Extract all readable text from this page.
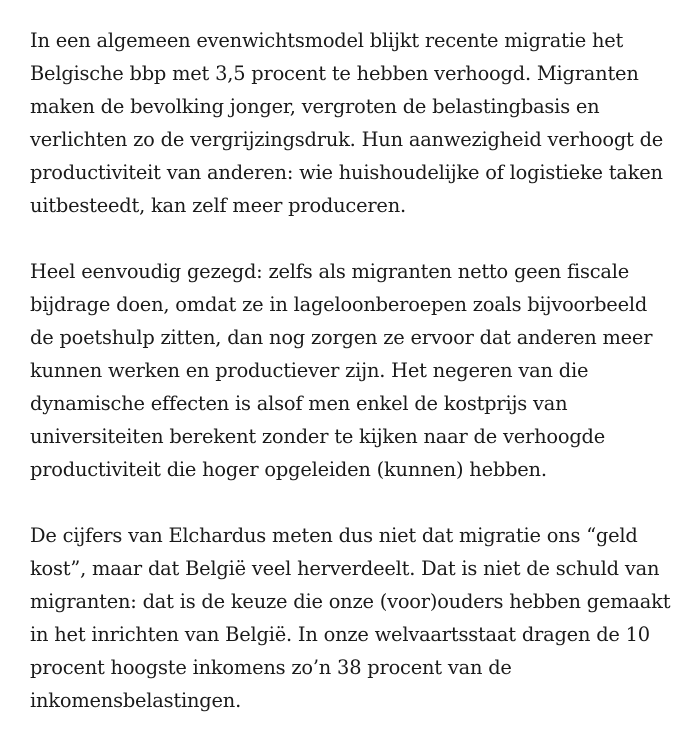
In een algemeen evenwichtsmodel blijkt recente migratie het
Belgische bbp met 3,5 procent te hebben verhoogd. Migranten
maken de bevolking jonger, vergroten de belastingbasis en
verlichten zo de vergrijzingsdruk. Hun aanwezigheid verhoogt de
productiviteit van anderen: wie huishoudelijke of logistieke taken
uitbesteedt, kan zelf meer produceren.

Heel eenvoudig gezegd: zelfs als migranten netto geen fiscale
bijdrage doen, omdat ze in lageloonberoepen zoals bijvoorbeeld
de poetshulp zitten, dan nog zorgen ze ervoor dat anderen meer
kunnen werken en productiever zijn. Het negeren van die
dynamische effecten is alsof men enkel de kostprijs van
universiteiten berekent zonder te kijken naar de verhoogde
productiviteit die hoger opgeleiden (kunnen) hebben.

De cijfers van Elchardus meten dus niet dat migratie ons “geld
kost”, maar dat België veel herverdeelt. Dat is niet de schuld van
migranten: dat is de keuze die onze (voor)ouders hebben gemaakt
in het inrichten van België. In onze welvaartsstaat dragen de 10
procent hoogste inkomens zo’n 38 procent van de
inkomensbelastingen.
